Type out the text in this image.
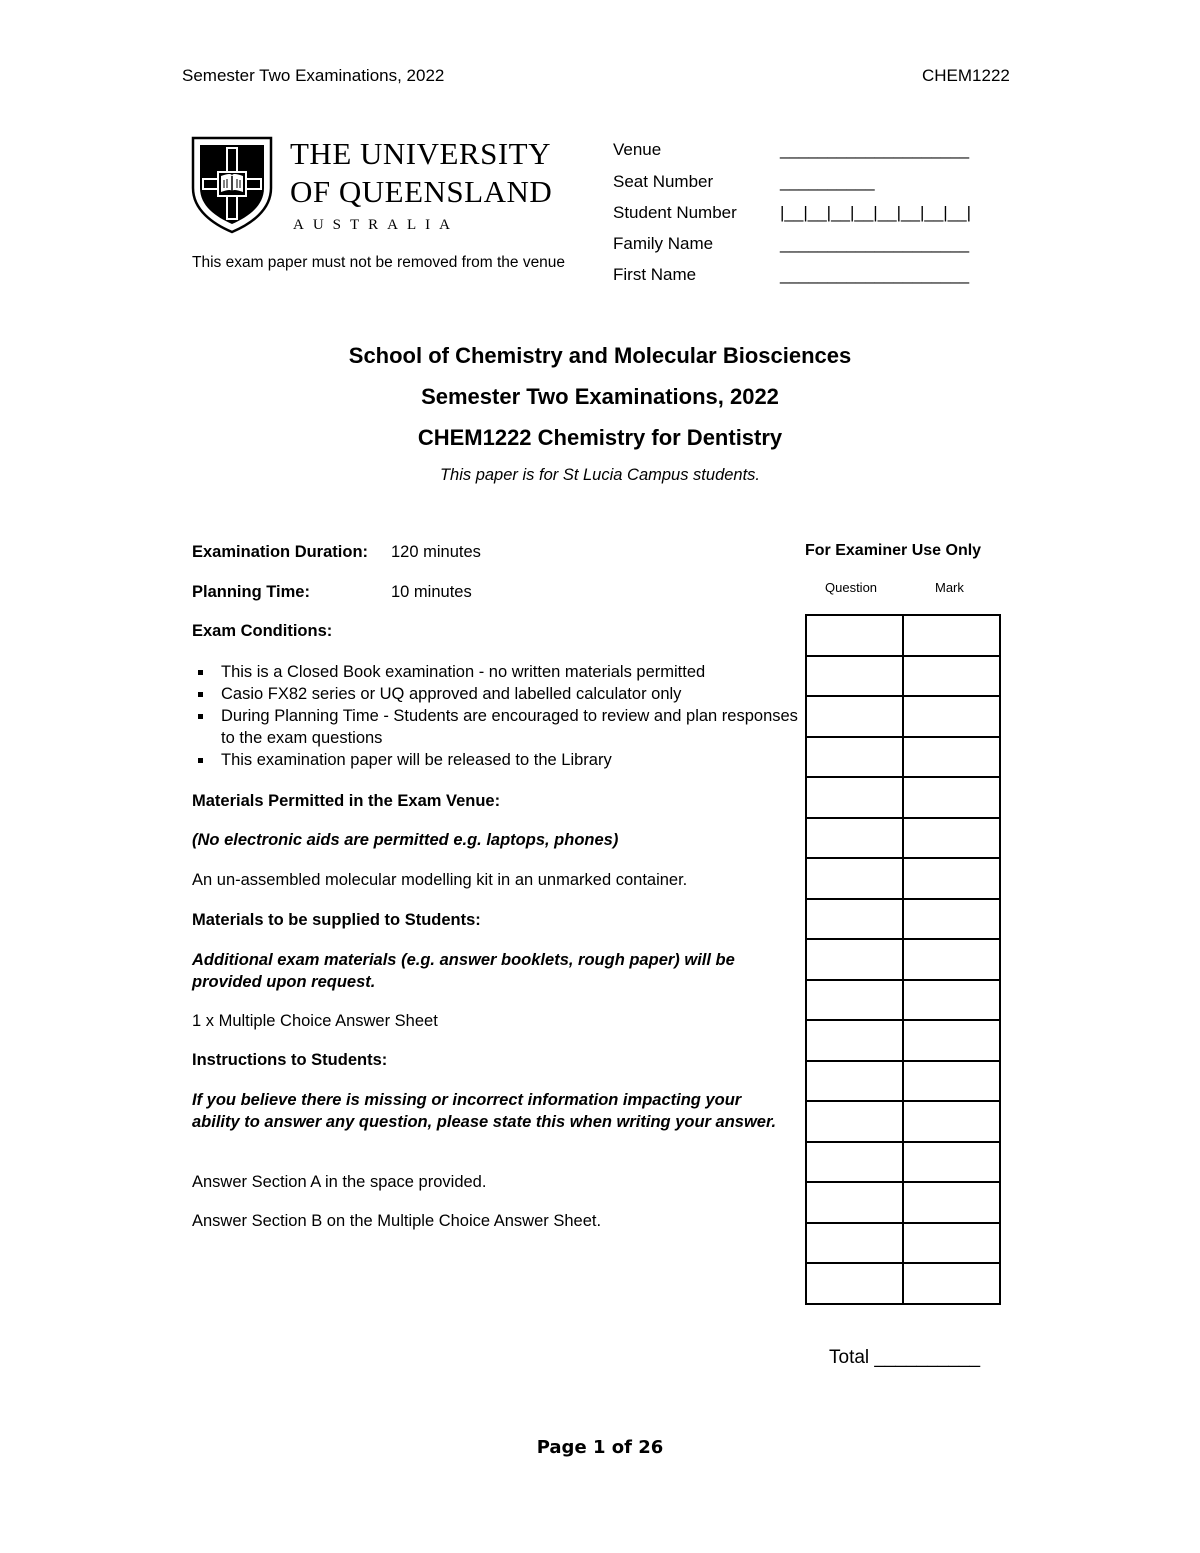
Semester Two Examinations, 2022	CHEM1222
THE UNIVERSITY
OF QUEENSLAND
AUSTRALIA
This exam paper must not be removed from the venue
Venue	____________________
Seat Number	__________
Student Number	|__|__|__|__|__|__|__|__|
Family Name	____________________
First Name	____________________
School of Chemistry and Molecular Biosciences
Semester Two Examinations, 2022
CHEM1222 Chemistry for Dentistry
This paper is for St Lucia Campus students.
Examination Duration: 120 minutes
Planning Time:	10 minutes
Exam Conditions:
This is a Closed Book examination - no written materials permitted
Casio FX82 series or UQ approved and labelled calculator only
During Planning Time - Students are encouraged to review and plan responses to the exam questions
This examination paper will be released to the Library
Materials Permitted in the Exam Venue:
(No electronic aids are permitted e.g. laptops, phones)
An un-assembled molecular modelling kit in an unmarked container.
Materials to be supplied to Students:
Additional exam materials (e.g. answer booklets, rough paper) will be provided upon request.
1 x Multiple Choice Answer Sheet
Instructions to Students:
If you believe there is missing or incorrect information impacting your ability to answer any question, please state this when writing your answer.
Answer Section A in the space provided.
Answer Section B on the Multiple Choice Answer Sheet.
For Examiner Use Only
Question	Mark

Total __________
Page 1 of 26
